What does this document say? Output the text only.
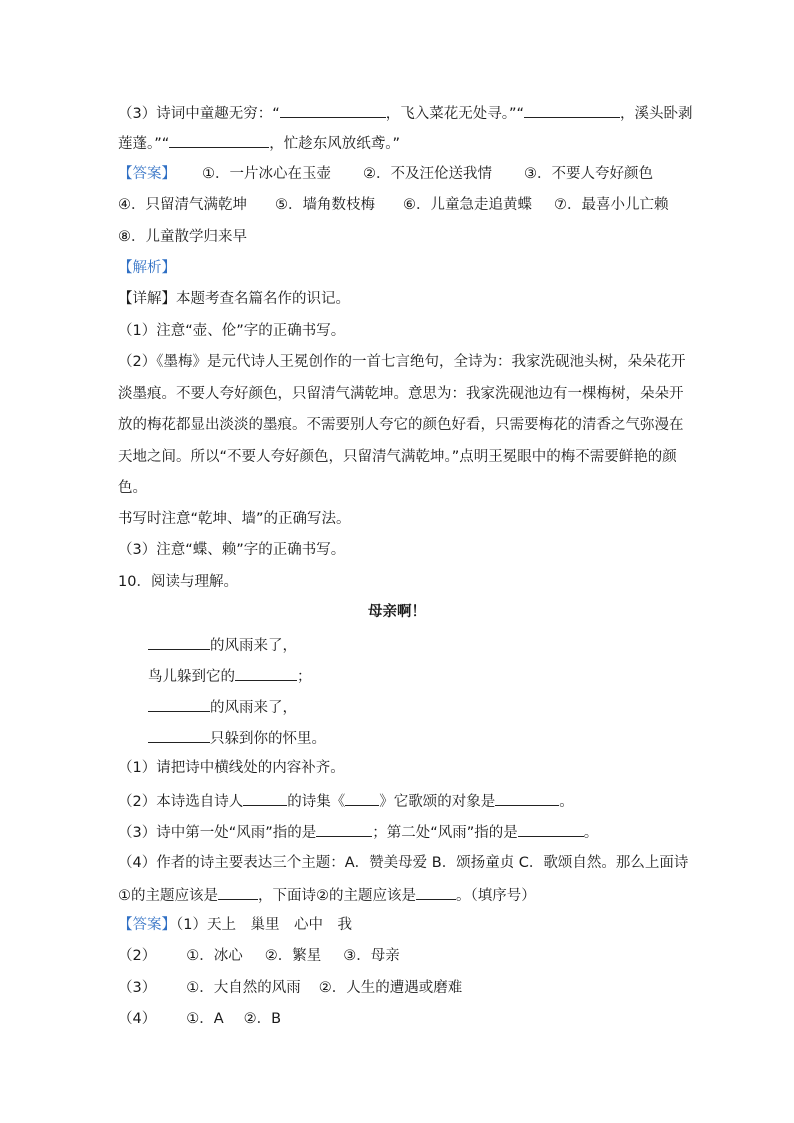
（3）诗词中童趣无穷：“	，飞入菜花无处寻。”“	，溪头卧剥
莲蓬。”“	，忙趁东风放纸鸢。”
【答案】 ①．一片冰心在玉壶 ②．不及汪伦送我情 ③．不要人夸好颜色
④．只留清气满乾坤 ⑤．墙角数枝梅 ⑥．儿童急走追黄蝶 ⑦．最喜小儿亡赖
⑧．儿童散学归来早
【解析】
【详解】本题考查名篇名作的识记。
（1）注意“壶、伦”字的正确书写。
（2）《墨梅》是元代诗人王冕创作的一首七言绝句，全诗为：我家洗砚池头树，朵朵花开
淡墨痕。不要人夸好颜色，只留清气满乾坤。意思为：我家洗砚池边有一棵梅树，朵朵开
放的梅花都显出淡淡的墨痕。不需要别人夸它的颜色好看，只需要梅花的清香之气弥漫在
天地之间。所以“不要人夸好颜色，只留清气满乾坤。”点明王冕眼中的梅不需要鲜艳的颜
色。
书写时注意“乾坤、墙”的正确写法。
（3）注意“蝶、赖”字的正确书写。
10．阅读与理解。
母亲啊！
的风雨来了，
鸟儿躲到它的	；
的风雨来了，
只躲到你的怀里。
（1）请把诗中横线处的内容补齐。
（2）本诗选自诗人	的诗集《 》它歌颂的对象是	。
（3）诗中第一处“风雨”指的是	；第二处“风雨”指的是	。
（4）作者的诗主要表达三个主题：A．赞美母爱 B．颂扬童贞 C．歌颂自然。那么上面诗
①的主题应该是	，下面诗②的主题应该是	。（填序号）
【答案】（1）天上　巢里　心中　我
（2） ①．冰心 ②．繁星 ③．母亲
（3） ①．大自然的风雨 ②．人生的遭遇或磨难
（4） ①．A ②．B
